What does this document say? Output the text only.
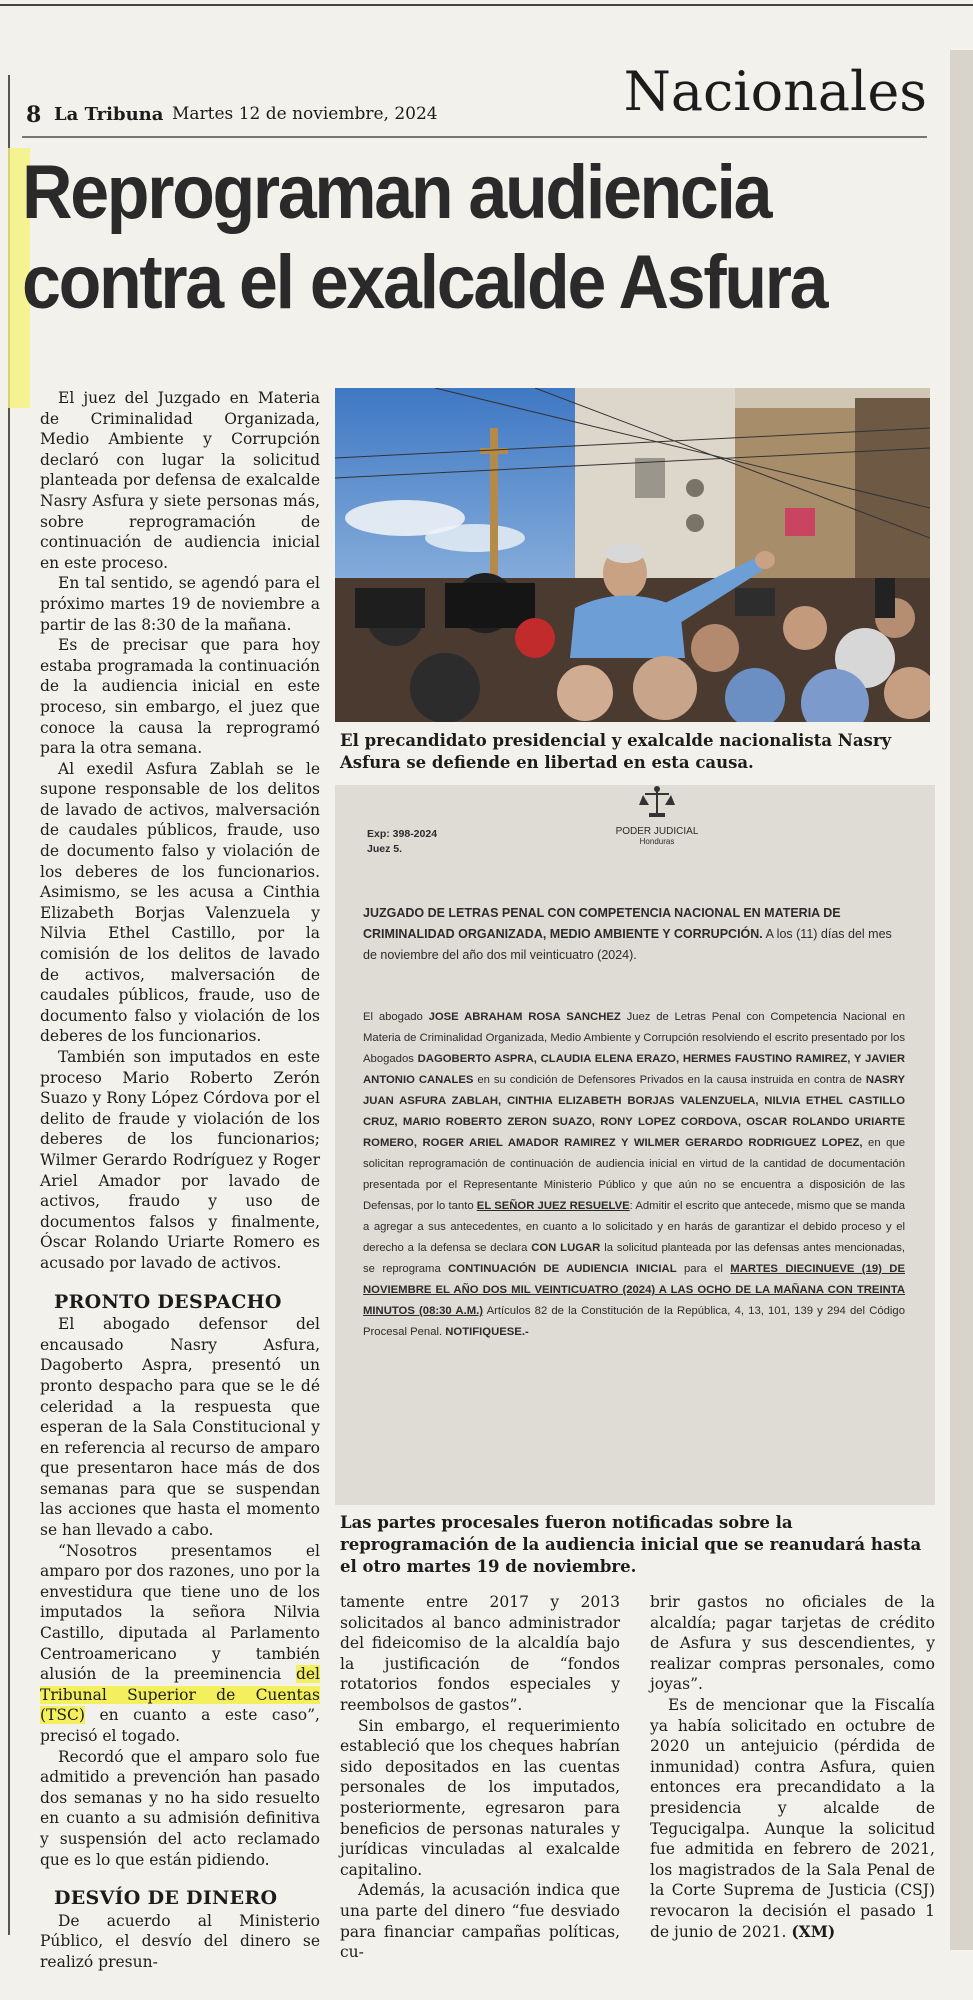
8 La Tribuna Martes 12 de noviembre, 2024	Nacionales
Reprograman audiencia
contra el exalcalde Asfura

El juez del Juzgado en Materia de Criminalidad Organizada, Medio Ambiente y Corrupción declaró con lugar la solicitud planteada por defensa de exalcalde Nasry Asfura y siete personas más, sobre reprogramación de continuación de audiencia inicial en este proceso.

En tal sentido, se agendó para el próximo martes 19 de noviembre a partir de las 8:30 de la mañana.

Es de precisar que para hoy estaba programada la continuación de la audiencia inicial en este proceso, sin embargo, el juez que conoce la causa la reprogramó para la otra semana.

Al exedil Asfura Zablah se le supone responsable de los delitos de lavado de activos, malversación de caudales públicos, fraude, uso de documento falso y violación de los deberes de los funcionarios. Asimismo, se les acusa a Cinthia Elizabeth Borjas Valenzuela y Nilvia Ethel Castillo, por la comisión de los delitos de lavado de activos, malversación de caudales públicos, fraude, uso de documento falso y violación de los deberes de los funcionarios.

También son imputados en este proceso Mario Roberto Zerón Suazo y Rony López Córdova por el delito de fraude y violación de los deberes de los funcionarios; Wilmer Gerardo Rodríguez y Roger Ariel Amador por lavado de activos, fraudo y uso de documentos falsos y finalmente, Óscar Rolando Uriarte Romero es acusado por lavado de activos.

PRONTO DESPACHO

El abogado defensor del encausado Nasry Asfura, Dagoberto Aspra, presentó un pronto despacho para que se le dé celeridad a la respuesta que esperan de la Sala Constitucional y en referencia al recurso de amparo que presentaron hace más de dos semanas para que se suspendan las acciones que hasta el momento se han llevado a cabo.

“Nosotros presentamos el amparo por dos razones, uno por la envestidura que tiene uno de los imputados la señora Nilvia Castillo, diputada al Parlamento Centroamericano y también alusión de la preeminencia del Tribunal Superior de Cuentas (TSC) en cuanto a este caso”, precisó el togado.

Recordó que el amparo solo fue admitido a prevención han pasado dos semanas y no ha sido resuelto en cuanto a su admisión definitiva y suspensión del acto reclamado que es lo que están pidiendo.

DESVÍO DE DINERO

De acuerdo al Ministerio Público, el desvío del dinero se realizó presun-

El precandidato presidencial y exalcalde nacionalista Nasry Asfura se defiende en libertad en esta causa.
Exp: 398-2024
Juez 5.
PODER JUDICIAL
Honduras
JUZGADO DE LETRAS PENAL CON COMPETENCIA NACIONAL EN MATERIA DE CRIMINALIDAD ORGANIZADA, MEDIO AMBIENTE Y CORRUPCIÓN. A los (11) días del mes de noviembre del año dos mil veinticuatro (2024).
El abogado JOSE ABRAHAM ROSA SANCHEZ Juez de Letras Penal con Competencia Nacional en Materia de Criminalidad Organizada, Medio Ambiente y Corrupción resolviendo el escrito presentado por los Abogados DAGOBERTO ASPRA, CLAUDIA ELENA ERAZO, HERMES FAUSTINO RAMIREZ, Y JAVIER ANTONIO CANALES en su condición de Defensores Privados en la causa instruida en contra de NASRY JUAN ASFURA ZABLAH, CINTHIA ELIZABETH BORJAS VALENZUELA, NILVIA ETHEL CASTILLO CRUZ, MARIO ROBERTO ZERON SUAZO, RONY LOPEZ CORDOVA, OSCAR ROLANDO URIARTE ROMERO, ROGER ARIEL AMADOR RAMIREZ Y WILMER GERARDO RODRIGUEZ LOPEZ, en que solicitan reprogramación de continuación de audiencia inicial en virtud de la cantidad de documentación presentada por el Representante Ministerio Público y que aún no se encuentra a disposición de las Defensas, por lo tanto EL SEÑOR JUEZ RESUELVE: Admitir el escrito que antecede, mismo que se manda a agregar a sus antecedentes, en cuanto a lo solicitado y en harás de garantizar el debido proceso y el derecho a la defensa se declara CON LUGAR la solicitud planteada por las defensas antes mencionadas, se reprograma CONTINUACIÓN DE AUDIENCIA INICIAL para el MARTES DIECINUEVE (19) DE NOVIEMBRE EL AÑO DOS MIL VEINTICUATRO (2024) A LAS OCHO DE LA MAÑANA CON TREINTA MINUTOS (08:30 A.M.) Artículos 82 de la Constitución de la República, 4, 13, 101, 139 y 294 del Código Procesal Penal. NOTIFIQUESE.-
Las partes procesales fueron notificadas sobre la reprogramación de la audiencia inicial que se reanudará hasta el otro martes 19 de noviembre.

tamente entre 2017 y 2013 solicitados al banco administrador del fideicomiso de la alcaldía bajo la justificación de “fondos rotatorios fondos especiales y reembolsos de gastos”.

Sin embargo, el requerimiento estableció que los cheques habrían sido depositados en las cuentas personales de los imputados, posteriormente, egresaron para beneficios de personas naturales y jurídicas vinculadas al exalcalde capitalino.

Además, la acusación indica que una parte del dinero “fue desviado para financiar campañas políticas, cu-

brir gastos no oficiales de la alcaldía; pagar tarjetas de crédito de Asfura y sus descendientes, y realizar compras personales, como joyas”.

Es de mencionar que la Fiscalía ya había solicitado en octubre de 2020 un antejuicio (pérdida de inmunidad) contra Asfura, quien entonces era precandidato a la presidencia y alcalde de Tegucigalpa. Aunque la solicitud fue admitida en febrero de 2021, los magistrados de la Sala Penal de la Corte Suprema de Justicia (CSJ) revocaron la decisión el pasado 1 de junio de 2021. (XM)
